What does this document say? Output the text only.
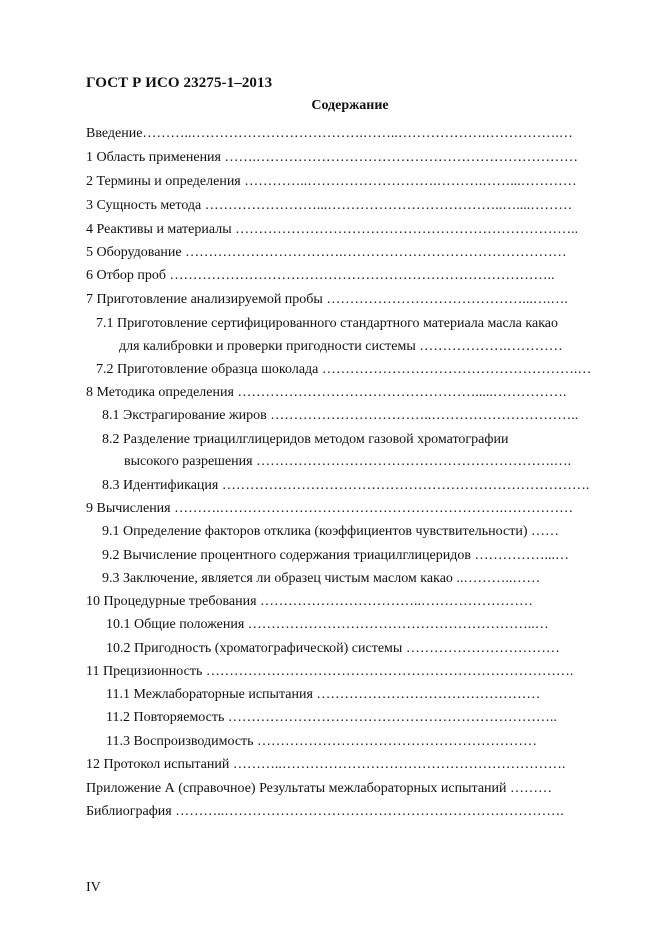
ГОСТ Р ИСО 23275-1–2013
Содержание
Введение………..……………………………….……..……………….…………….…
1 Область применения …….……………………………………………………………
2 Термины и определения …………..……………………….……….……...…………
3 Сущность метода ……………………...………………………………..…....………
4 Реактивы и материалы ………………………………………………………………..
5 Оборудование …………………………….…………………………………………
6 Отбор проб ………………………………………………………………………..
7 Приготовление анализируемой пробы ……………………………………...….….
7.1 Приготовление сертифицированного стандартного материала масла какао
для калибровки и проверки пригодности системы ……………….…………
7.2 Приготовление образца шоколада ……………………………………………….…
8 Методика определения …………………………………………….....…………….
8.1 Экстрагирование жиров ……………………………..…………………………..
8.2 Разделение триацилглицеридов методом газовой хроматографии
высокого разрешения ……………………………………………………….….
8.3 Идентификация …………………………………………………………………….
9 Вычисления ……….…………………………………………………….……………
9.1 Определение факторов отклика (коэффициентов чувствительности) ……
9.2 Вычисление процентного содержания триацилглицеридов ……………...…
9.3 Заключение, является ли образец чистым маслом какао ..………..……
10 Процедурные требования ……………………………..……………………
10.1 Общие положения ……………………………………………………..…
10.2 Пригодность (хроматографической) системы ……………………………
11 Прецизионность …………………………………………………………………….
11.1 Межлабораторные испытания …………………………………………
11.2 Повторяемость ……………………………………………………………..
11.3 Воспроизводимость ……………………………………………………
12 Протокол испытаний ………..…………………………………………………….
Приложение А (справочное) Результаты межлабораторных испытаний ………
Библиография ………..……………………………………………………………….
IV
